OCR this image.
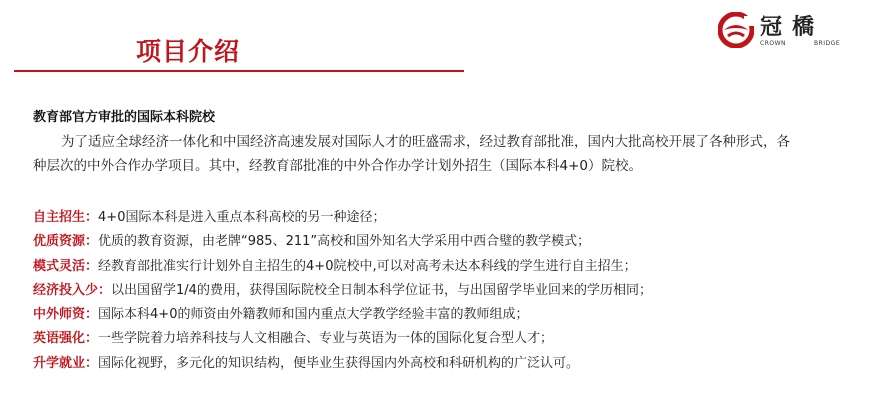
项目介绍
冠橋
CROWN	BRIDGE
教育部官方审批的国际本科院校
为了适应全球经济一体化和中国经济高速发展对国际人才的旺盛需求，经过教育部批准，国内大批高校开展了各种形式，各种层次的中外合作办学项目。其中，经教育部批准的中外合作办学计划外招生（国际本科4+0）院校。
自主招生：4+0国际本科是进入重点本科高校的另一种途径；
优质资源：优质的教育资源，由老牌“985、211”高校和国外知名大学采用中西合璧的教学模式；
模式灵活：经教育部批准实行计划外自主招生的4+0院校中,可以对高考未达本科线的学生进行自主招生；
经济投入少：以出国留学1/4的费用，获得国际院校全日制本科学位证书，与出国留学毕业回来的学历相同；
中外师资：国际本科4+0的师资由外籍教师和国内重点大学教学经验丰富的教师组成；
英语强化：一些学院着力培养科技与人文相融合、专业与英语为一体的国际化复合型人才；
升学就业：国际化视野，多元化的知识结构，便毕业生获得国内外高校和科研机构的广泛认可。
